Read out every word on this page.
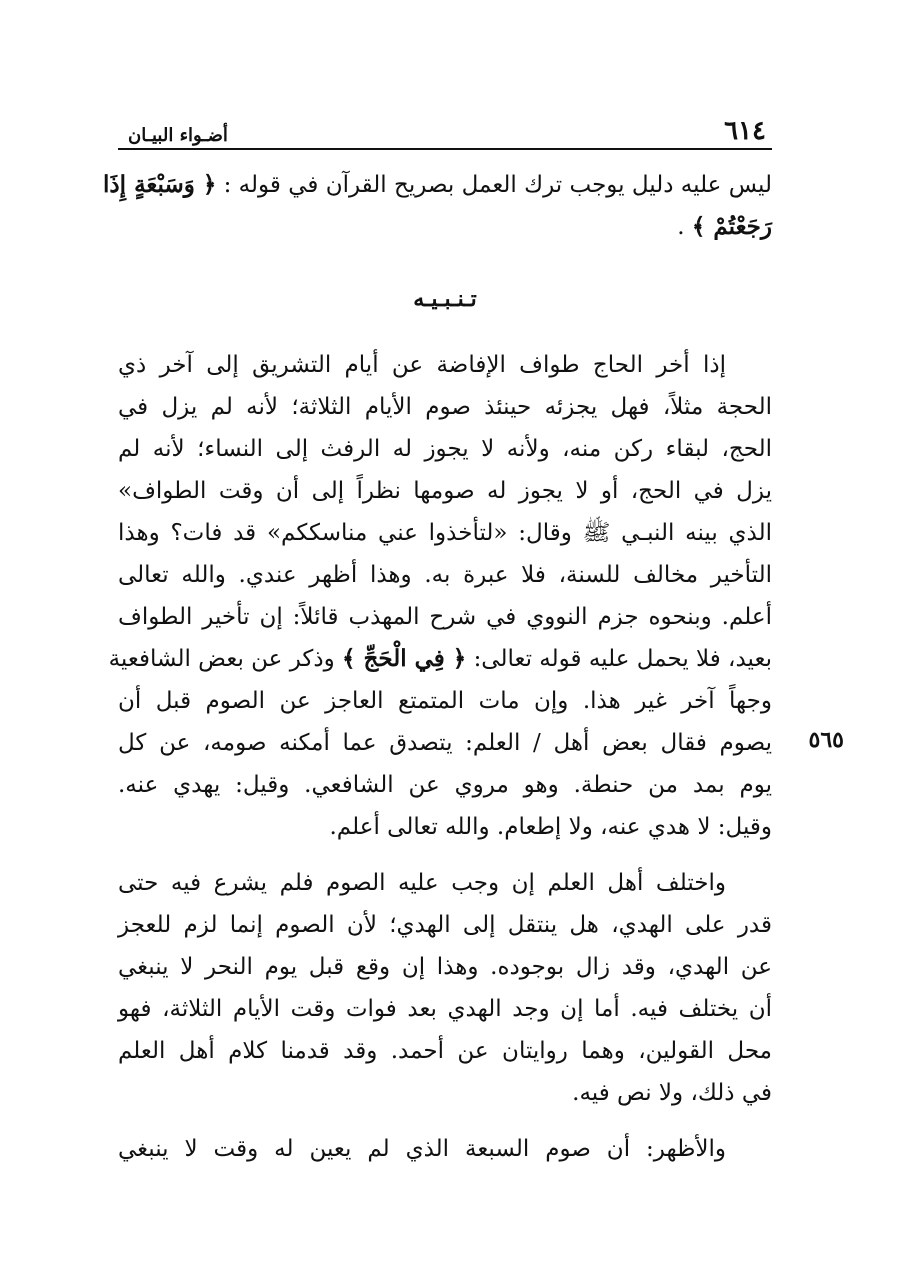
٦١٤
أضـواء البيـان
ليس عليه دليل يوجب ترك العمل بصريح القرآن في قوله : ﴿ وَسَبْعَةٍ إِذَا
رَجَعْتُمْ ﴾ .
تـنـبـيـه
إذا أخر الحاج طواف الإفاضة عن أيام التشريق إلى آخر ذي
الحجة مثلاً، فهل يجزئه حينئذ صوم الأيام الثلاثة؛ لأنه لم يزل في
الحج، لبقاء ركن منه، ولأنه لا يجوز له الرفث إلى النساء؛ لأنه لم
يزل في الحج، أو لا يجوز له صومها نظراً إلى أن وقت الطواف»
الذي بينه النبـي ﷺ وقال: «لتأخذوا عني مناسككم» قد فات؟ وهذا
التأخير مخالف للسنة، فلا عبرة به. وهذا أظهر عندي. والله تعالى
أعلم. وبنحوه جزم النووي في شرح المهذب قائلاً: إن تأخير الطواف
بعيد، فلا يحمل عليه قوله تعالى: ﴿ فِي الْحَجِّ ﴾ وذكر عن بعض الشافعية
وجهاً آخر غير هذا. وإن مات المتمتع العاجز عن الصوم قبل أن
يصوم فقال بعض أهل / العلم: يتصدق عما أمكنه صومه، عن كل
يوم بمد من حنطة. وهو مروي عن الشافعي. وقيل: يهدي عنه.
وقيل: لا هدي عنه، ولا إطعام. والله تعالى أعلم.
واختلف أهل العلم إن وجب عليه الصوم فلم يشرع فيه حتى
قدر على الهدي، هل ينتقل إلى الهدي؛ لأن الصوم إنما لزم للعجز
عن الهدي، وقد زال بوجوده. وهذا إن وقع قبل يوم النحر لا ينبغي
أن يختلف فيه. أما إن وجد الهدي بعد فوات وقت الأيام الثلاثة، فهو
محل القولين، وهما روايتان عن أحمد. وقد قدمنا كلام أهل العلم
في ذلك، ولا نص فيه.
والأظهر: أن صوم السبعة الذي لم يعين له وقت لا ينبغي
٥٦٥
